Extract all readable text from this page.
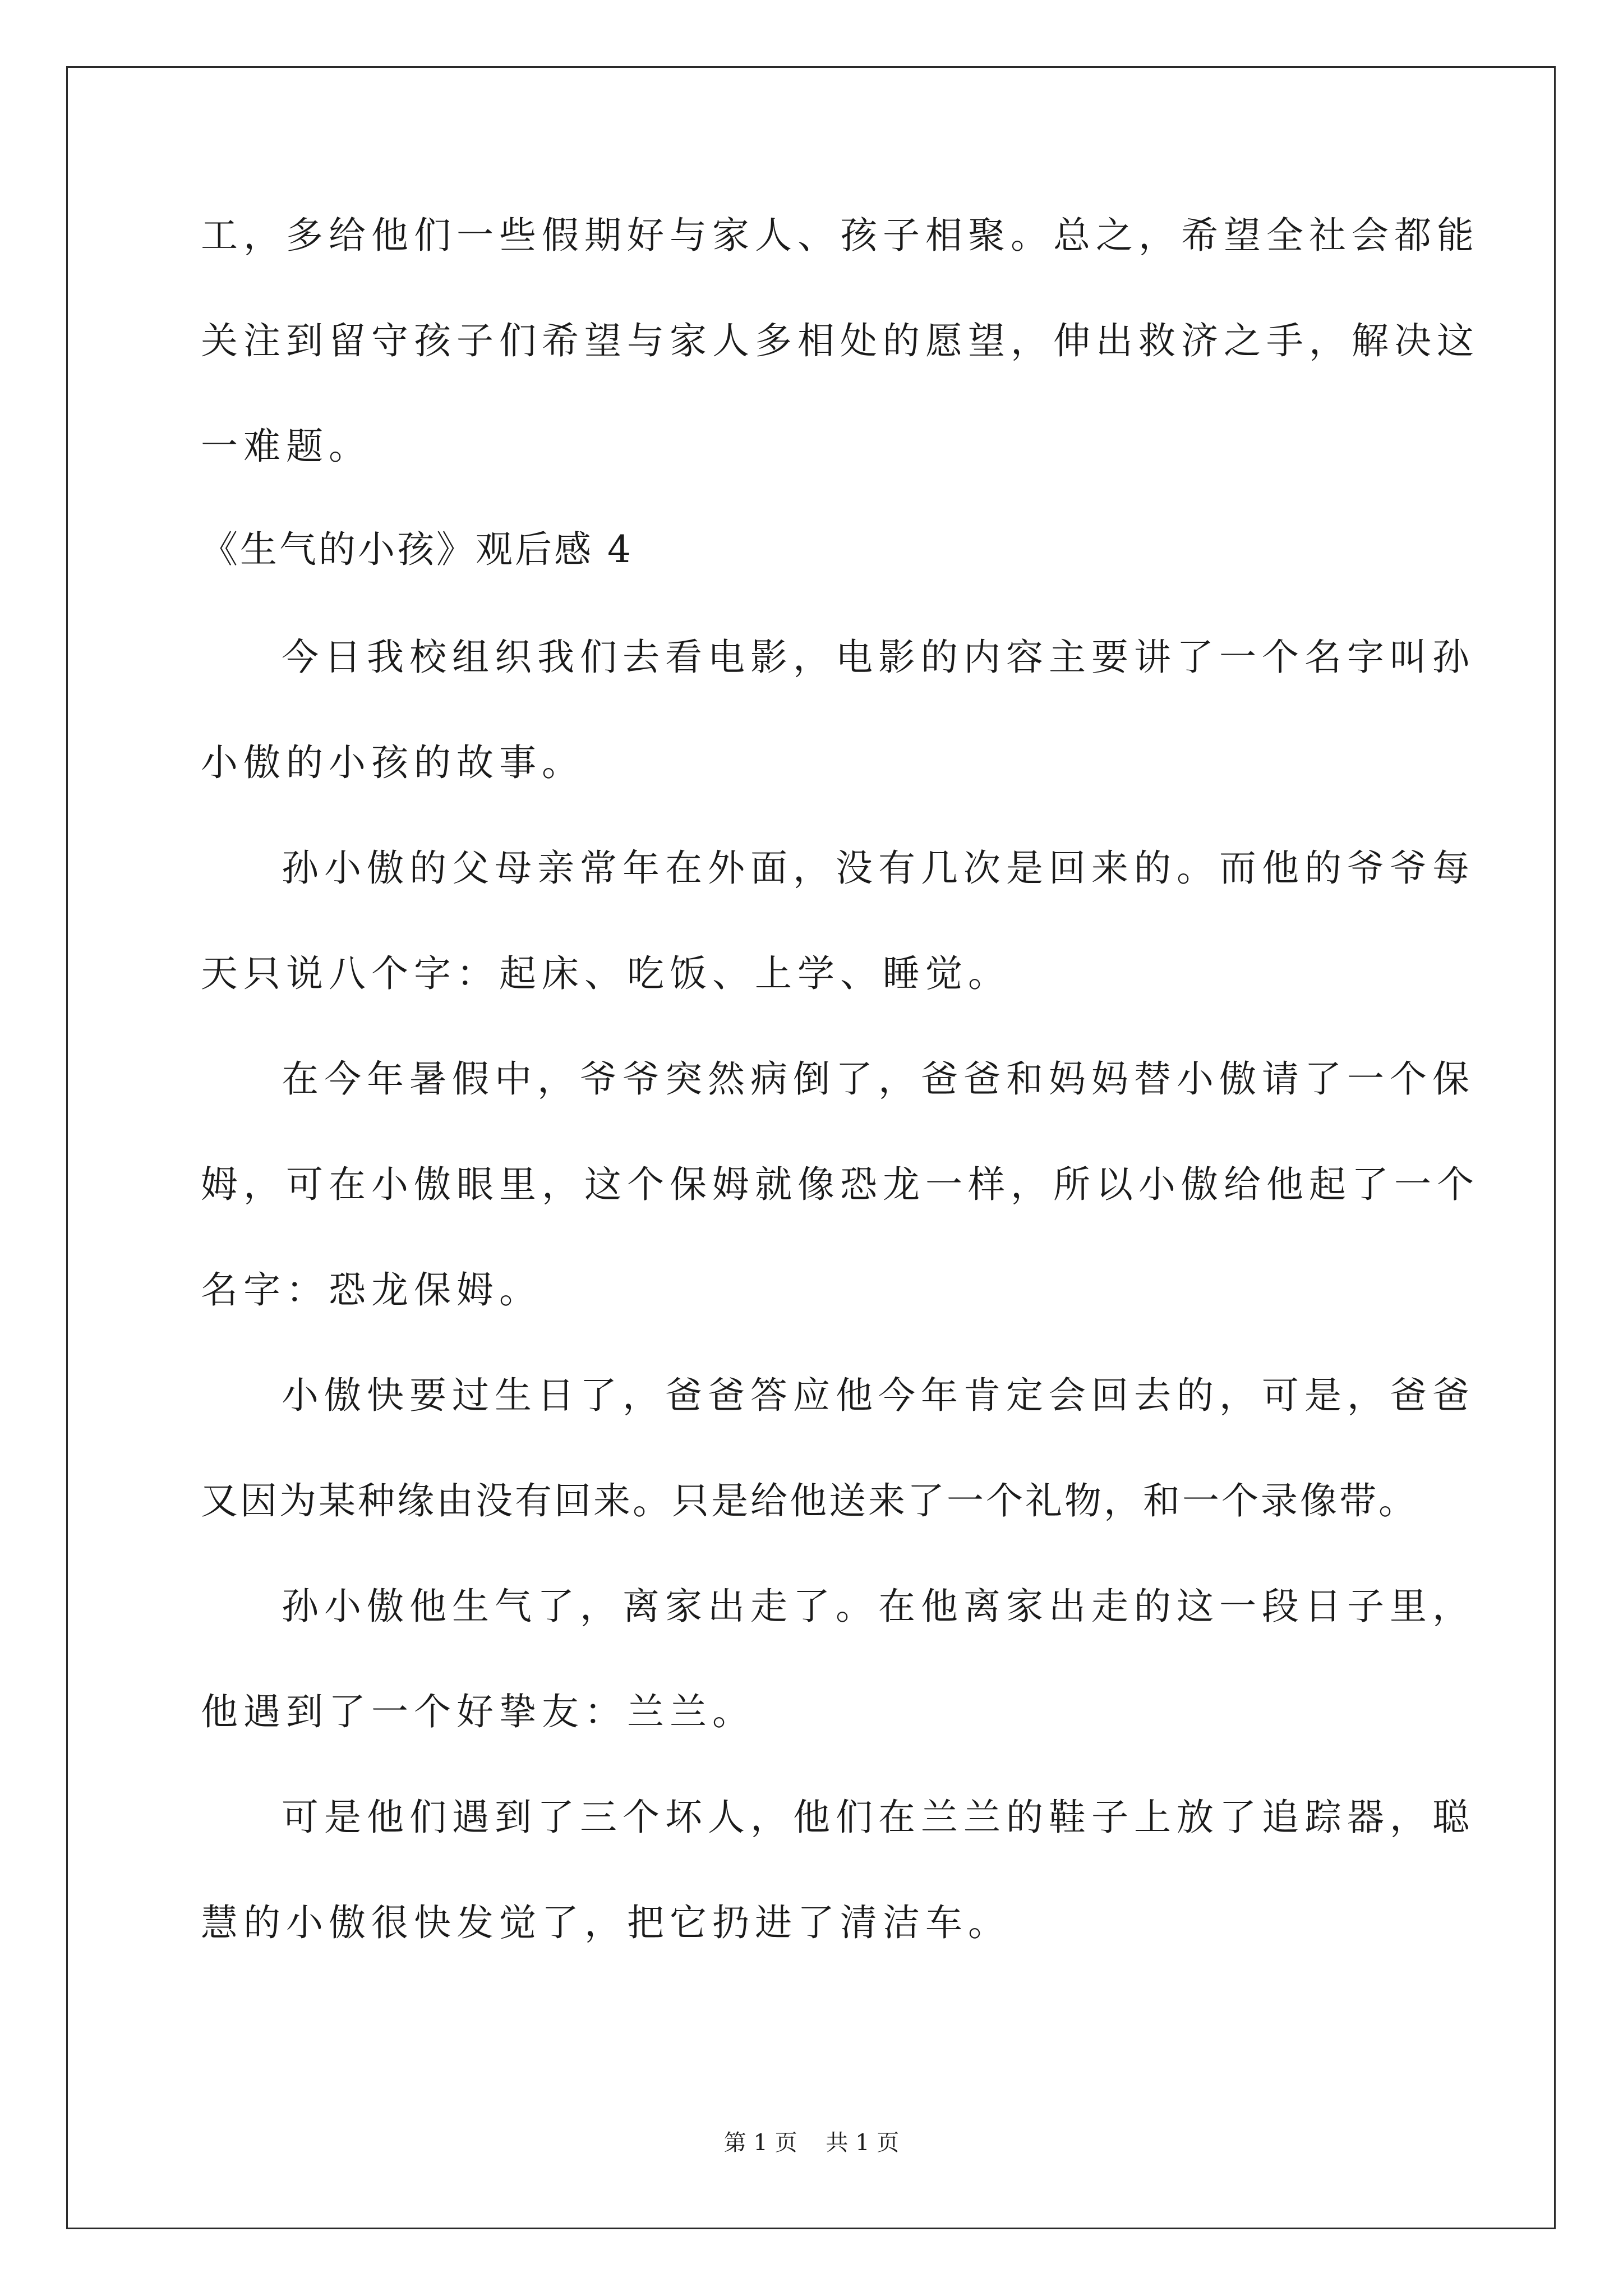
工，多给他们一些假期好与家人、孩子相聚。总之，希望全社会都能
关注到留守孩子们希望与家人多相处的愿望，伸出救济之手，解决这
一难题。
《生气的小孩》观后感 4
今日我校组织我们去看电影，电影的内容主要讲了一个名字叫孙
小傲的小孩的故事。
孙小傲的父母亲常年在外面，没有几次是回来的。而他的爷爷每
天只说八个字：起床、吃饭、上学、睡觉。
在今年暑假中，爷爷突然病倒了，爸爸和妈妈替小傲请了一个保
姆，可在小傲眼里，这个保姆就像恐龙一样，所以小傲给他起了一个
名字：恐龙保姆。
小傲快要过生日了，爸爸答应他今年肯定会回去的，可是，爸爸
又因为某种缘由没有回来。只是给他送来了一个礼物，和一个录像带。
孙小傲他生气了，离家出走了。在他离家出走的这一段日子里，
他遇到了一个好挚友：兰兰。
可是他们遇到了三个坏人，他们在兰兰的鞋子上放了追踪器，聪
慧的小傲很快发觉了，把它扔进了清洁车。
第 1 页    共 1 页
